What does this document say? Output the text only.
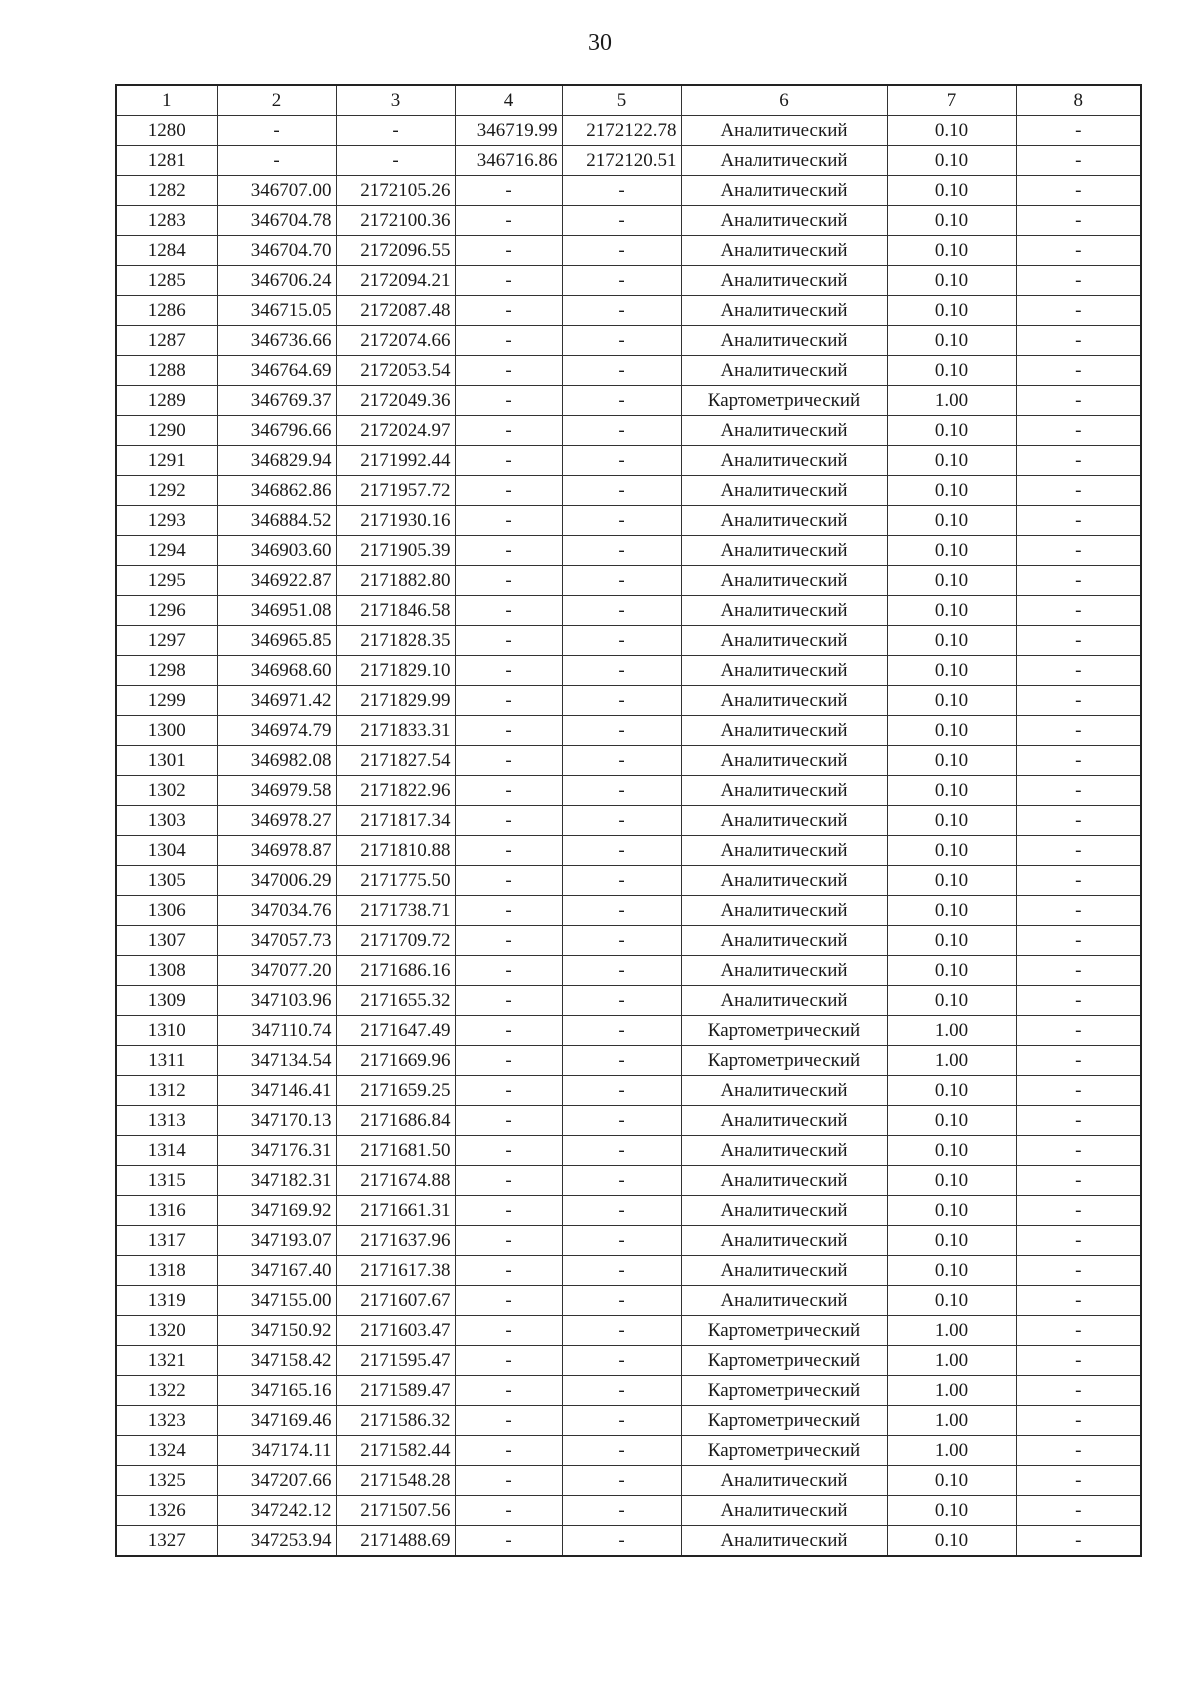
30
1	2	3	4	5	6	7	8
1280	-	-	346719.99	2172122.78	Аналитический	0.10	-
1281	-	-	346716.86	2172120.51	Аналитический	0.10	-
1282	346707.00	2172105.26	-	-	Аналитический	0.10	-
1283	346704.78	2172100.36	-	-	Аналитический	0.10	-
1284	346704.70	2172096.55	-	-	Аналитический	0.10	-
1285	346706.24	2172094.21	-	-	Аналитический	0.10	-
1286	346715.05	2172087.48	-	-	Аналитический	0.10	-
1287	346736.66	2172074.66	-	-	Аналитический	0.10	-
1288	346764.69	2172053.54	-	-	Аналитический	0.10	-
1289	346769.37	2172049.36	-	-	Картометрический	1.00	-
1290	346796.66	2172024.97	-	-	Аналитический	0.10	-
1291	346829.94	2171992.44	-	-	Аналитический	0.10	-
1292	346862.86	2171957.72	-	-	Аналитический	0.10	-
1293	346884.52	2171930.16	-	-	Аналитический	0.10	-
1294	346903.60	2171905.39	-	-	Аналитический	0.10	-
1295	346922.87	2171882.80	-	-	Аналитический	0.10	-
1296	346951.08	2171846.58	-	-	Аналитический	0.10	-
1297	346965.85	2171828.35	-	-	Аналитический	0.10	-
1298	346968.60	2171829.10	-	-	Аналитический	0.10	-
1299	346971.42	2171829.99	-	-	Аналитический	0.10	-
1300	346974.79	2171833.31	-	-	Аналитический	0.10	-
1301	346982.08	2171827.54	-	-	Аналитический	0.10	-
1302	346979.58	2171822.96	-	-	Аналитический	0.10	-
1303	346978.27	2171817.34	-	-	Аналитический	0.10	-
1304	346978.87	2171810.88	-	-	Аналитический	0.10	-
1305	347006.29	2171775.50	-	-	Аналитический	0.10	-
1306	347034.76	2171738.71	-	-	Аналитический	0.10	-
1307	347057.73	2171709.72	-	-	Аналитический	0.10	-
1308	347077.20	2171686.16	-	-	Аналитический	0.10	-
1309	347103.96	2171655.32	-	-	Аналитический	0.10	-
1310	347110.74	2171647.49	-	-	Картометрический	1.00	-
1311	347134.54	2171669.96	-	-	Картометрический	1.00	-
1312	347146.41	2171659.25	-	-	Аналитический	0.10	-
1313	347170.13	2171686.84	-	-	Аналитический	0.10	-
1314	347176.31	2171681.50	-	-	Аналитический	0.10	-
1315	347182.31	2171674.88	-	-	Аналитический	0.10	-
1316	347169.92	2171661.31	-	-	Аналитический	0.10	-
1317	347193.07	2171637.96	-	-	Аналитический	0.10	-
1318	347167.40	2171617.38	-	-	Аналитический	0.10	-
1319	347155.00	2171607.67	-	-	Аналитический	0.10	-
1320	347150.92	2171603.47	-	-	Картометрический	1.00	-
1321	347158.42	2171595.47	-	-	Картометрический	1.00	-
1322	347165.16	2171589.47	-	-	Картометрический	1.00	-
1323	347169.46	2171586.32	-	-	Картометрический	1.00	-
1324	347174.11	2171582.44	-	-	Картометрический	1.00	-
1325	347207.66	2171548.28	-	-	Аналитический	0.10	-
1326	347242.12	2171507.56	-	-	Аналитический	0.10	-
1327	347253.94	2171488.69	-	-	Аналитический	0.10	-
